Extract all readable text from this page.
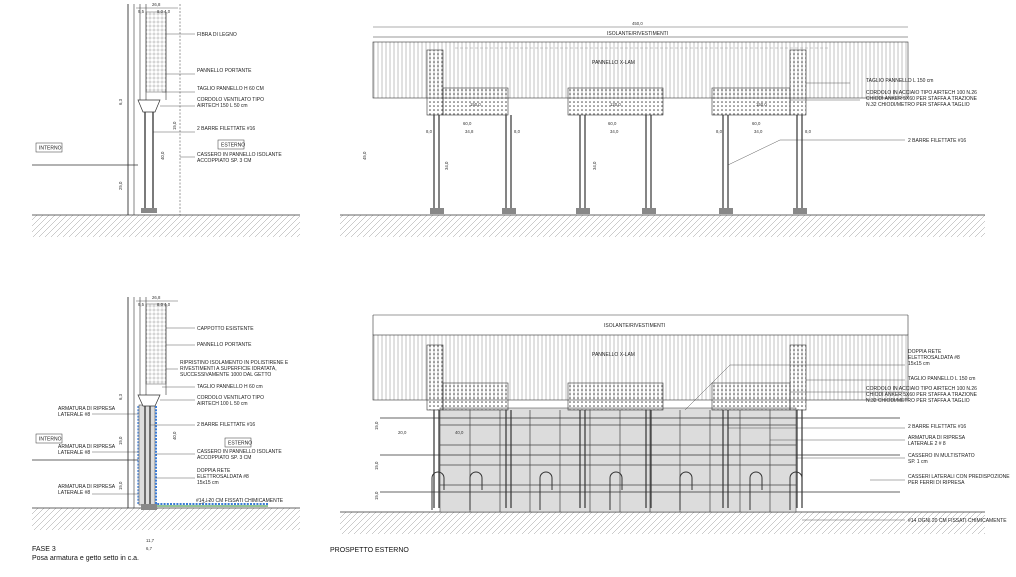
26,8
9,5	8,0 4,0
6,3
25,0
15,0
40,0
FIBRA DI LEGNO
PANNELLO PORTANTE
TAGLIO PANNELLO H 60 CM
CORDOLO VENTILATO TIPO
AIRTECH 150 L 50 cm
2 BARRE FILETTATE #16
INTERNO	ESTERNO
CASSERO IN PANNELLO ISOLANTE
ACCOPPIATO SP. 3 CM
450,0
ISOLANTE/RIVESTIMENTI
PANNELLO X-LAM
60,0
34,8
60,0
34,0
60,0
34,0
8,0	8,0	8,0	8,0
120,0	150,0
150,0
45,0
34,0	34,0
TAGLIO PANNELLO L 150 cm
CORDOLO IN ACCIAIO TIPO AIRTECH 100 N.26
CHIODI ANKER 5X60 PER STAFFA A TRAZIONE
N.32 CHIODI/METRO PER STAFFA A TAGLIO
2 BARRE FILETTATE #16
26,8
9,5	8,0 4,0
11,7
6,7
6,3
15,0
15,0
40,0
CAPPOTTO ESISTENTE
PANNELLO PORTANTE
RIPRISTINO ISOLAMENTO IN POLISTIRENE E
RIVESTIMENTI A SUPERFICIE IDRATATA,
SUCCESSIVAMENTE 1000 DAL GETTO
TAGLIO PANNELLO H 60 cm
CORDOLO VENTILATO TIPO
AIRTECH 100 L 50 cm
2 BARRE FILETTATE #16
ARMATURA DI RIPRESA
LATERALE #8
INTERNO
ARMATURA DI RIPRESA
LATERALE #8
ESTERNO
CASSERO IN PANNELLO ISOLANTE
ACCOPPIATO SP. 3 CM
DOPPIA RETE
ELETTROSALDATA #8
15x15 cm
ARMATURA DI RIPRESA
LATERALE #8
#14 / 20 CM FISSATI CHIMICAMENTE
ISOLANTE/RIVESTIMENTI
PANNELLO X-LAM
20,0	40,0
15,0
15,0
15,0
DOPPIA RETE
ELETTROSALDATA #8
15x15 cm
TAGLIO PANNELLO L 150 cm
CORDOLO IN ACCIAIO TIPO AIRTECH 100 N.26
CHIODI ANKER 5X60 PER STAFFA A TRAZIONE
N.32 CHIODI/METRO PER STAFFA A TAGLIO
2 BARRE FILETTATE #16
ARMATURA DI RIPRESA
LATERALE 2 # 8
CASSERO IN MULTISTRATO
SP. 1 cm
CASSERI LATERALI CON PREDISPOZIONE
PER FERRI DI RIPRESA
#14 OGNI 20 CM FISSATI CHIMICAMENTE
FASE 3
Posa armatura e getto setto in c.a.
PROSPETTO ESTERNO
